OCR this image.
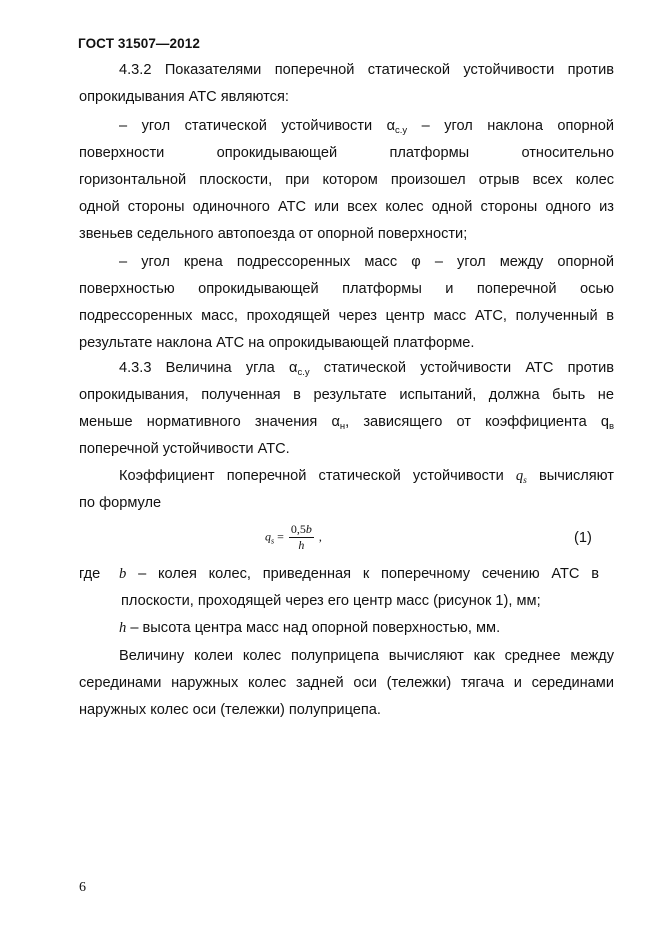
ГОСТ 31507—2012
4.3.2 Показателями поперечной статической устойчивости против
опрокидывания АТС являются:
– угол статической устойчивости $\alpha_{с.у}$ – угол наклона опорной
поверхности опрокидывающей платформы относительно
горизонтальной плоскости, при котором произошел отрыв всех колес
одной стороны одиночного АТС или всех колес одной стороны одного из
звеньев седельного автопоезда от опорной поверхности;
– угол крена подрессоренных масс φ – угол между опорной
поверхностью опрокидывающей платформы и поперечной осью
подрессоренных масс, проходящей через центр масс АТС, полученный в
результате наклона АТС на опрокидывающей платформе.
4.3.3 Величина угла $\alpha_{с.у}$ статической устойчивости АТС против
опрокидывания, полученная в результате испытаний, должна быть не
меньше нормативного значения $\alpha_н$, зависящего от коэффициента $q_в$
поперечной устойчивости АТС.
Коэффициент поперечной статической устойчивости $q_s$ вычисляют
по формуле
$q_s = \frac{0,5b}{h}$ ,	(1)
где	b – колея колес, приведенная к поперечному сечению АТС в
плоскости, проходящей через его центр масс (рисунок 1), мм;
h – высота центра масс над опорной поверхностью, мм.
Величину колеи колес полуприцепа вычисляют как среднее между
серединами наружных колес задней оси (тележки) тягача и серединами
наружных колес оси (тележки) полуприцепа.
6
